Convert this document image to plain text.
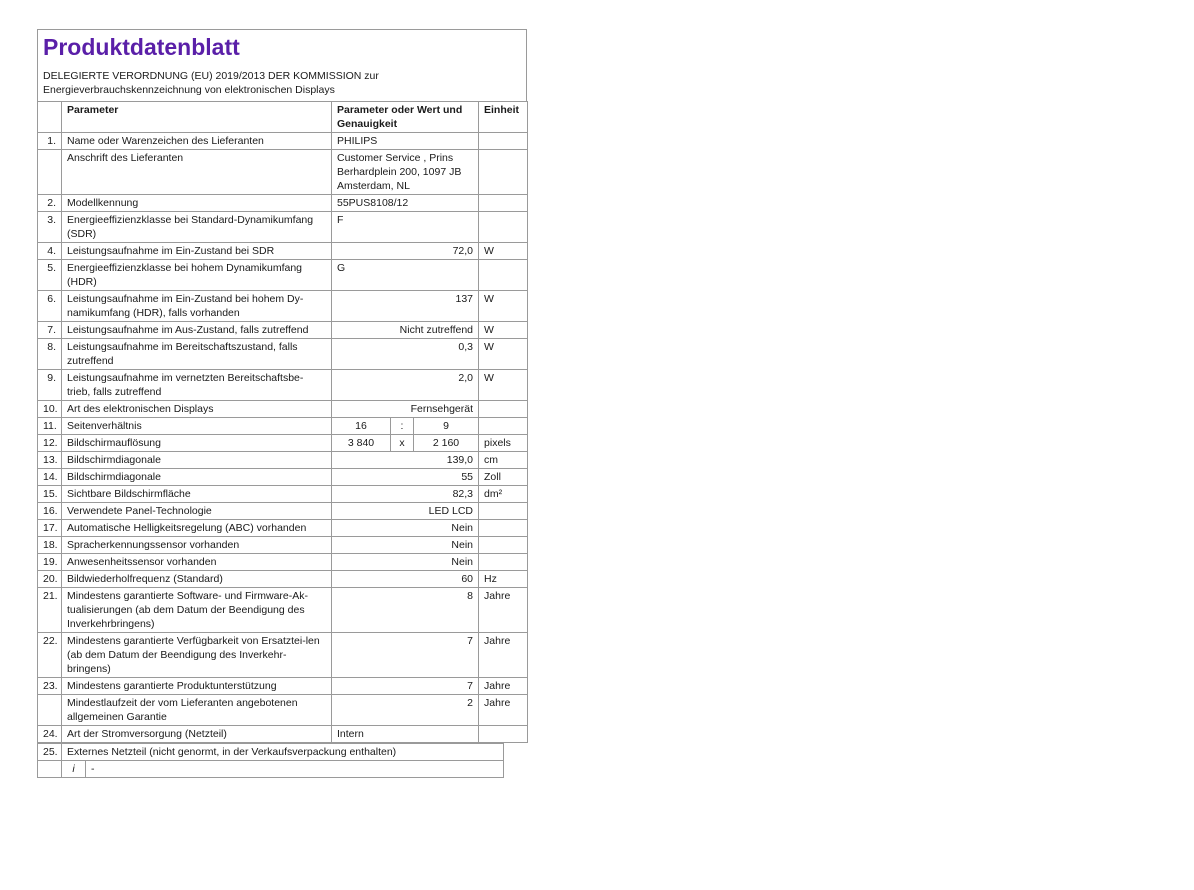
Produktdatenblatt
DELEGIERTE VERORDNUNG (EU) 2019/2013 DER KOMMISSION zur Energieverbrauchskennzeichnung von elektronischen Displays
	Parameter	Parameter oder Wert und Genauigkeit			Einheit
1.	Name oder Warenzeichen des Lieferanten	PHILIPS			
	Anschrift des Lieferanten	Customer Service , Prins Berhardplein 200, 1097 JB Amsterdam, NL			
2.	Modellkennung	55PUS8108/12			
3.	Energieeffizienzklasse bei Standard-Dynamikumfang (SDR)	F			
4.	Leistungsaufnahme im Ein-Zustand bei SDR	72,0			W
5.	Energieeffizienzklasse bei hohem Dynamikumfang (HDR)	G			
6.	Leistungsaufnahme im Ein-Zustand bei hohem Dy-namikumfang (HDR), falls vorhanden	137			W
7.	Leistungsaufnahme im Aus-Zustand, falls zutreffend	Nicht zutreffend			W
8.	Leistungsaufnahme im Bereitschaftszustand, falls zutreffend	0,3			W
9.	Leistungsaufnahme im vernetzten Bereitschaftsbe-trieb, falls zutreffend	2,0			W
10.	Art des elektronischen Displays	Fernsehgerät			
11.	Seitenverhältnis	16	:	9	
12.	Bildschirmauflösung	3 840	x	2 160	pixels
13.	Bildschirmdiagonale	139,0			cm
14.	Bildschirmdiagonale	55			Zoll
15.	Sichtbare Bildschirmfläche	82,3			dm²
16.	Verwendete Panel-Technologie	LED LCD			
17.	Automatische Helligkeitsregelung (ABC) vorhanden	Nein			
18.	Spracherkennungssensor vorhanden	Nein			
19.	Anwesenheitssensor vorhanden	Nein			
20.	Bildwiederholfrequenz (Standard)	60			Hz
21.	Mindestens garantierte Software- und Firmware-Ak-tualisierungen (ab dem Datum der Beendigung des Inverkehrbringens)	8			Jahre
22.	Mindestens garantierte Verfügbarkeit von Ersatztei-len (ab dem Datum der Beendigung des Inverkehr-bringens)	7			Jahre
23.	Mindestens garantierte Produktunterstützung	7			Jahre
	Mindestlaufzeit der vom Lieferanten angebotenen allgemeinen Garantie	2			Jahre
24.	Art der Stromversorgung (Netzteil)	Intern			
25.	Externes Netzteil (nicht genormt, in der Verkaufsverpackung enthalten)	
	i	-
